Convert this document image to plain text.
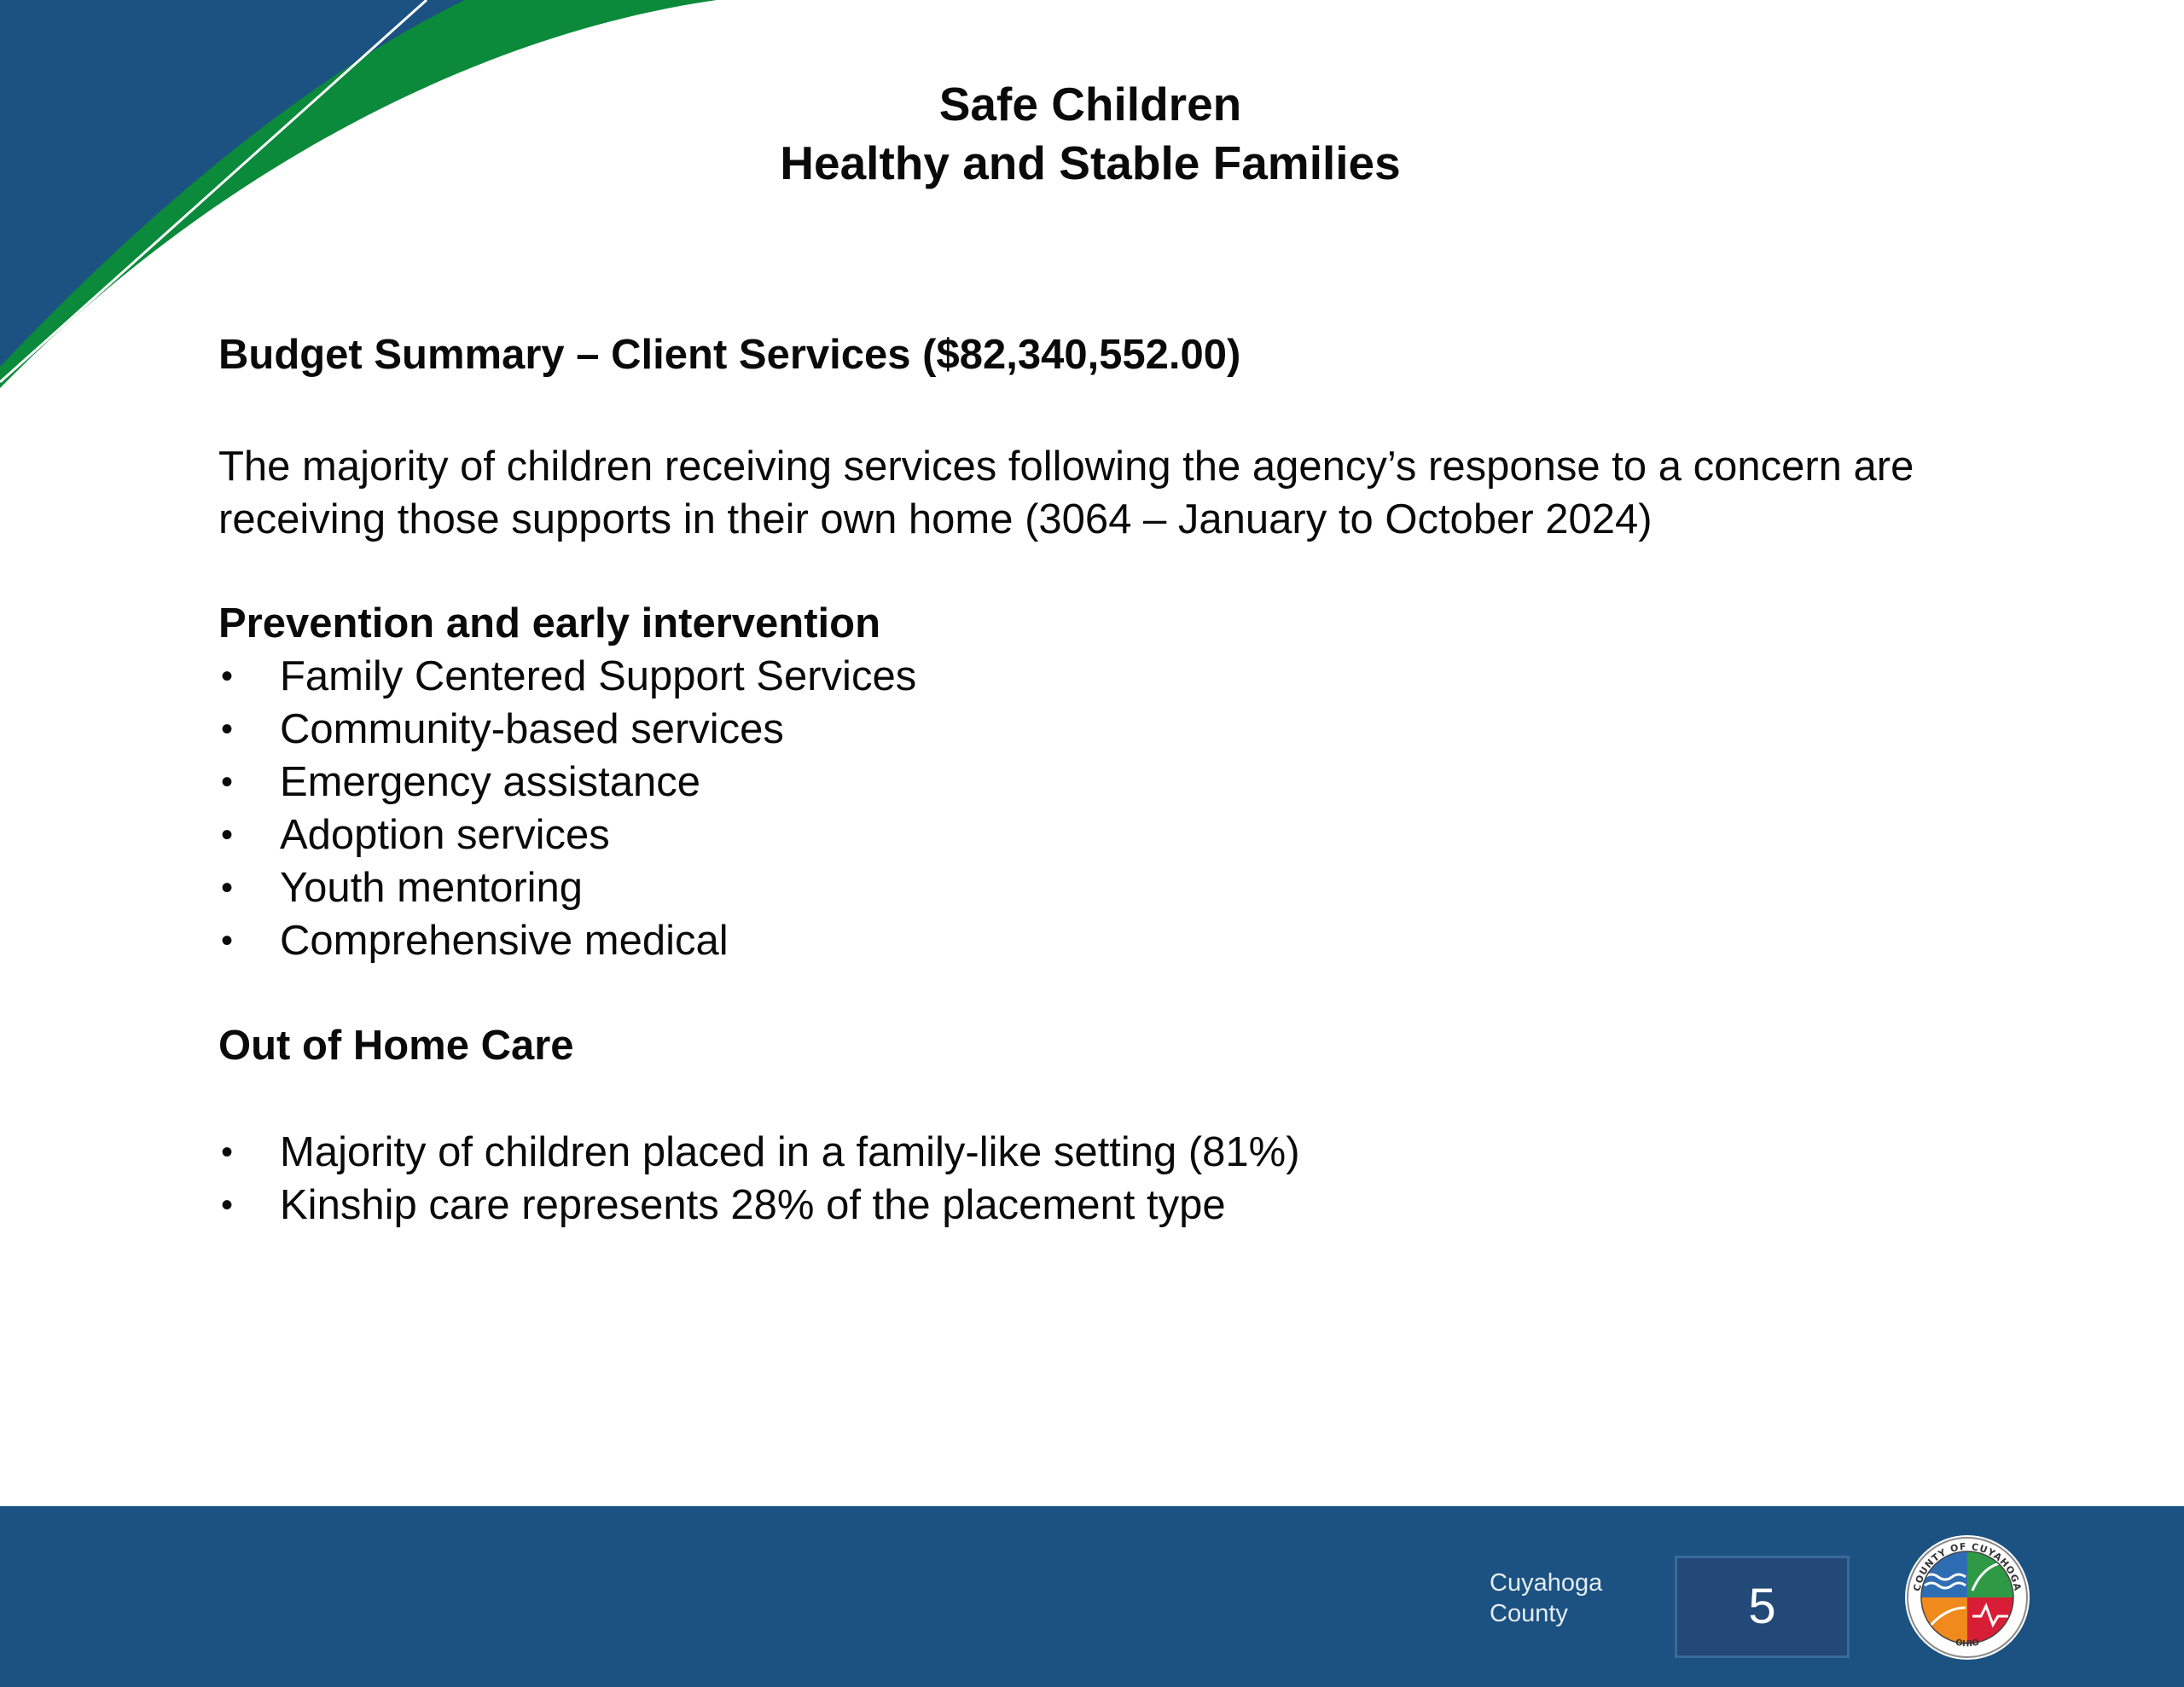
Safe Children
Healthy and Stable Families

Budget Summary – Client Services ($82,340,552.00)

The majority of children receiving services following the agency’s response to a concern are
receiving those supports in their own home (3064 – January to October 2024)

Prevention and early intervention

• Family Centered Support Services
• Community-based services
• Emergency assistance
• Adoption services
• Youth mentoring
• Comprehensive medical

Out of Home Care

• Majority of children placed in a family-like setting (81%)
• Kinship care represents 28% of the placement type
Cuyahoga
County	5	COUNTY OF CUYAHOGA
OHIO
